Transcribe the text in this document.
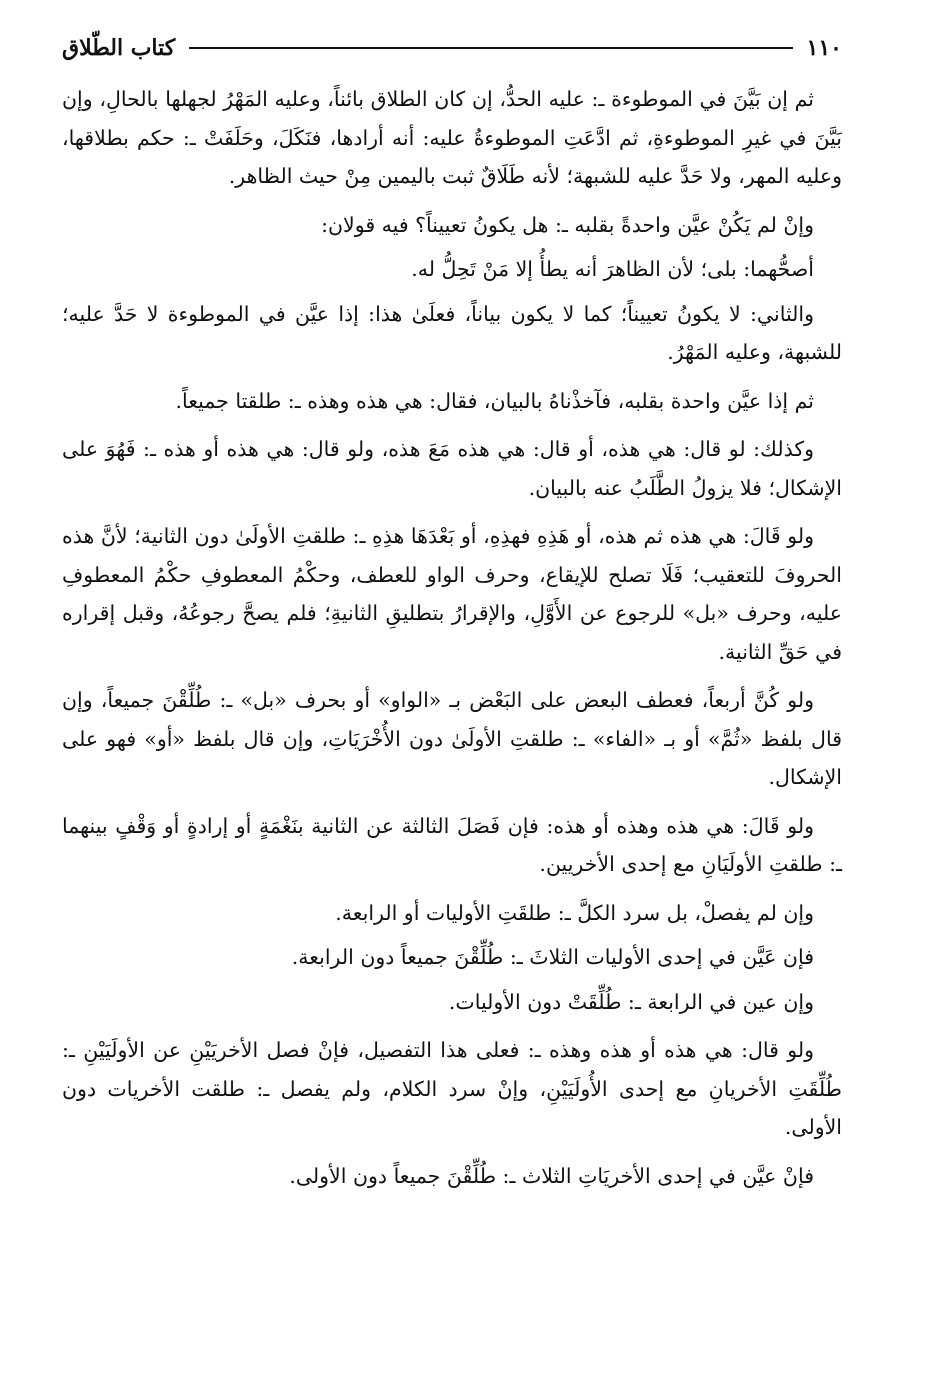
١١٠
كتاب الطّلاق

ثم إن بَيَّنَ في الموطوءة ـ: عليه الحدُّ، إن كان الطلاق بائناً، وعليه المَهْرُ لجهلها بالحالِ، وإن بَيَّنَ في غيرِ الموطوءةِ، ثم ادَّعَتِ الموطوءةُ عليه: أنه أرادها، فنَكَلَ، وحَلَفَتْ ـ: حكم بطلاقها، وعليه المهر، ولا حَدَّ عليه للشبهة؛ لأنه طَلَاقٌ ثبت باليمين مِنْ حيث الظاهر.

وإنْ لم يَكُنْ عيَّن واحدةً بقلبه ـ: هل يكونُ تعييناً؟ فيه قولان:

أصحُّهما: بلى؛ لأن الظاهرَ أنه يطأُ إلا مَنْ تَحِلُّ له.

والثاني: لا يكونُ تعييناً؛ كما لا يكون بياناً، فعلَىٰ هذا: إذا عيَّن في الموطوءة لا حَدَّ عليه؛ للشبهة، وعليه المَهْرُ.

ثم إذا عيَّن واحدة بقلبه، فآخذْناهُ بالبيان، فقال: هي هذه وهذه ـ: طلقتا جميعاً.

وكذلك: لو قال: هي هذه، أو قال: هي هذه مَعَ هذه، ولو قال: هي هذه أو هذه ـ: فَهُوَ على الإشكال؛ فلا يزولُ الطَّلَبُ عنه بالبيان.

ولو قَالَ: هي هذه ثم هذه، أو هَذِهِ فهذِهِ، أو بَعْدَهَا هذِهِ ـ: طلقتِ الأولَىٰ دون الثانية؛ لأنَّ هذه الحروفَ للتعقيب؛ فَلَا تصلح للإيقاع، وحرف الواو للعطف، وحكْمُ المعطوفِ حكْمُ المعطوفِ عليه، وحرف «بل» للرجوع عن الأَوَّلِ، والإقرارُ بتطليقِ الثانيةِ؛ فلم يصحَّ رجوعُهُ، وقبل إقراره في حَقِّ الثانية.

ولو كُنَّ أربعاً، فعطف البعض على البَعْض بـ «الواو» أو بحرف «بل» ـ: طُلِّقْنَ جميعاً، وإن قال بلفظ «ثُمَّ» أو بـ «الفاء» ـ: طلقتِ الأولَىٰ دون الأُخْرَيَاتِ، وإن قال بلفظ «أو» فهو على الإشكال.

ولو قَالَ: هي هذه وهذه أو هذه: فإن فَصَلَ الثالثة عن الثانية بنَغْمَةٍ أو إرادةٍ أو وَقْفٍ بينهما ـ: طلقتِ الأولَيَانِ مع إحدى الأخريين.

وإن لم يفصلْ، بل سرد الكلَّ ـ: طلقَتِ الأوليات أو الرابعة.

فإن عَيَّن في إحدى الأوليات الثلاثَ ـ: طُلِّقْنَ جميعاً دون الرابعة.

وإن عين في الرابعة ـ: طُلِّقَتْ دون الأوليات.

ولو قال: هي هذه أو هذه وهذه ـ: فعلى هذا التفصيل، فإنْ فصل الأخريَيْنِ عن الأولَيَيْنِ ـ: طُلِّقَتِ الأخريانِ مع إحدى الأُولَيَيْنِ، وإنْ سرد الكلام، ولم يفصل ـ: طلقت الأخريات دون الأولى.

فإنْ عيَّن في إحدى الأخريَاتِ الثلاث ـ: طُلِّقْنَ جميعاً دون الأولى.
